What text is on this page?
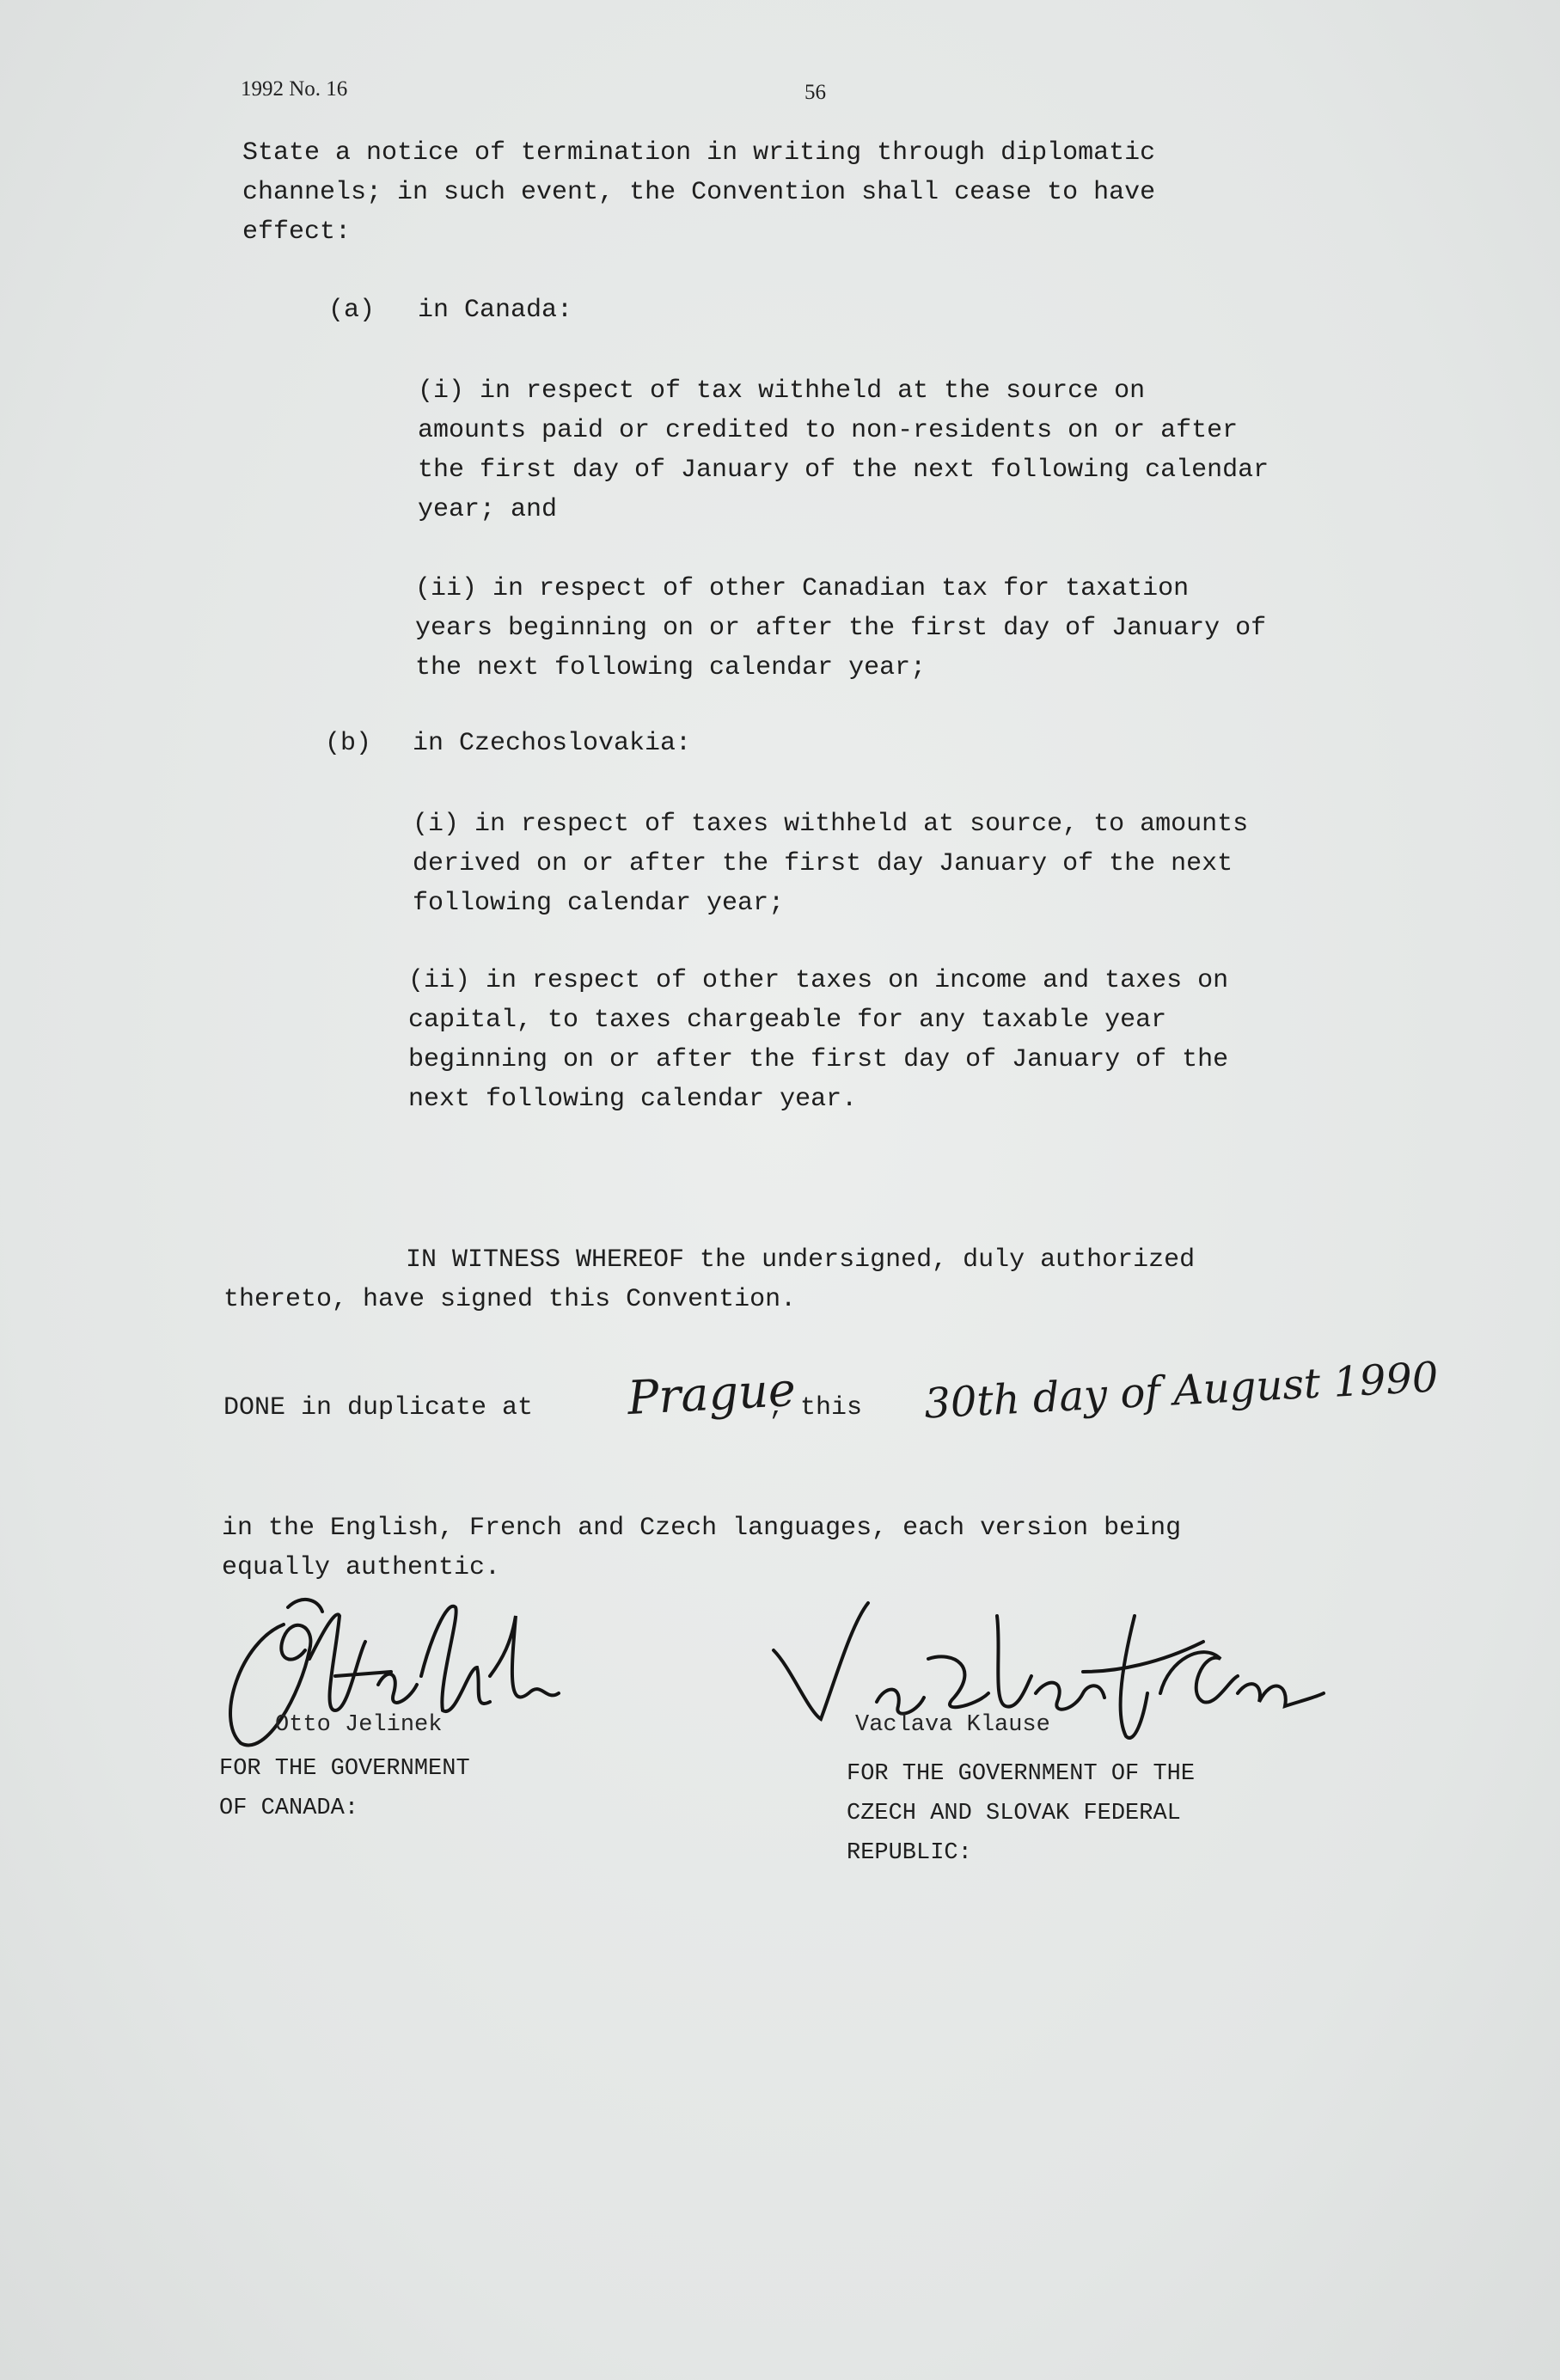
1992 No. 16	56
State a notice of termination in writing through diplomatic
channels; in such event, the Convention shall cease to have
effect:
(a) in Canada:
(i) in respect of tax withheld at the source on
amounts paid or credited to non-residents on or after
the first day of January of the next following calendar
year; and
(ii) in respect of other Canadian tax for taxation
years beginning on or after the first day of January of
the next following calendar year;
(b) in Czechoslovakia:
(i) in respect of taxes withheld at source, to amounts
derived on or after the first day January of the next
following calendar year;
(ii) in respect of other taxes on income and taxes on
capital, to taxes chargeable for any taxable year
beginning on or after the first day of January of the
next following calendar year.
IN WITNESS WHEREOF the undersigned, duly authorized
thereto, have signed this Convention.
DONE in duplicate at Prague
, this 30th day of August 1990
in the English, French and Czech languages, each version being
equally authentic.
Otto Jelinek
FOR THE GOVERNMENT
OF CANADA:
Vaclava Klause
FOR THE GOVERNMENT OF THE
CZECH AND SLOVAK FEDERAL
REPUBLIC:
